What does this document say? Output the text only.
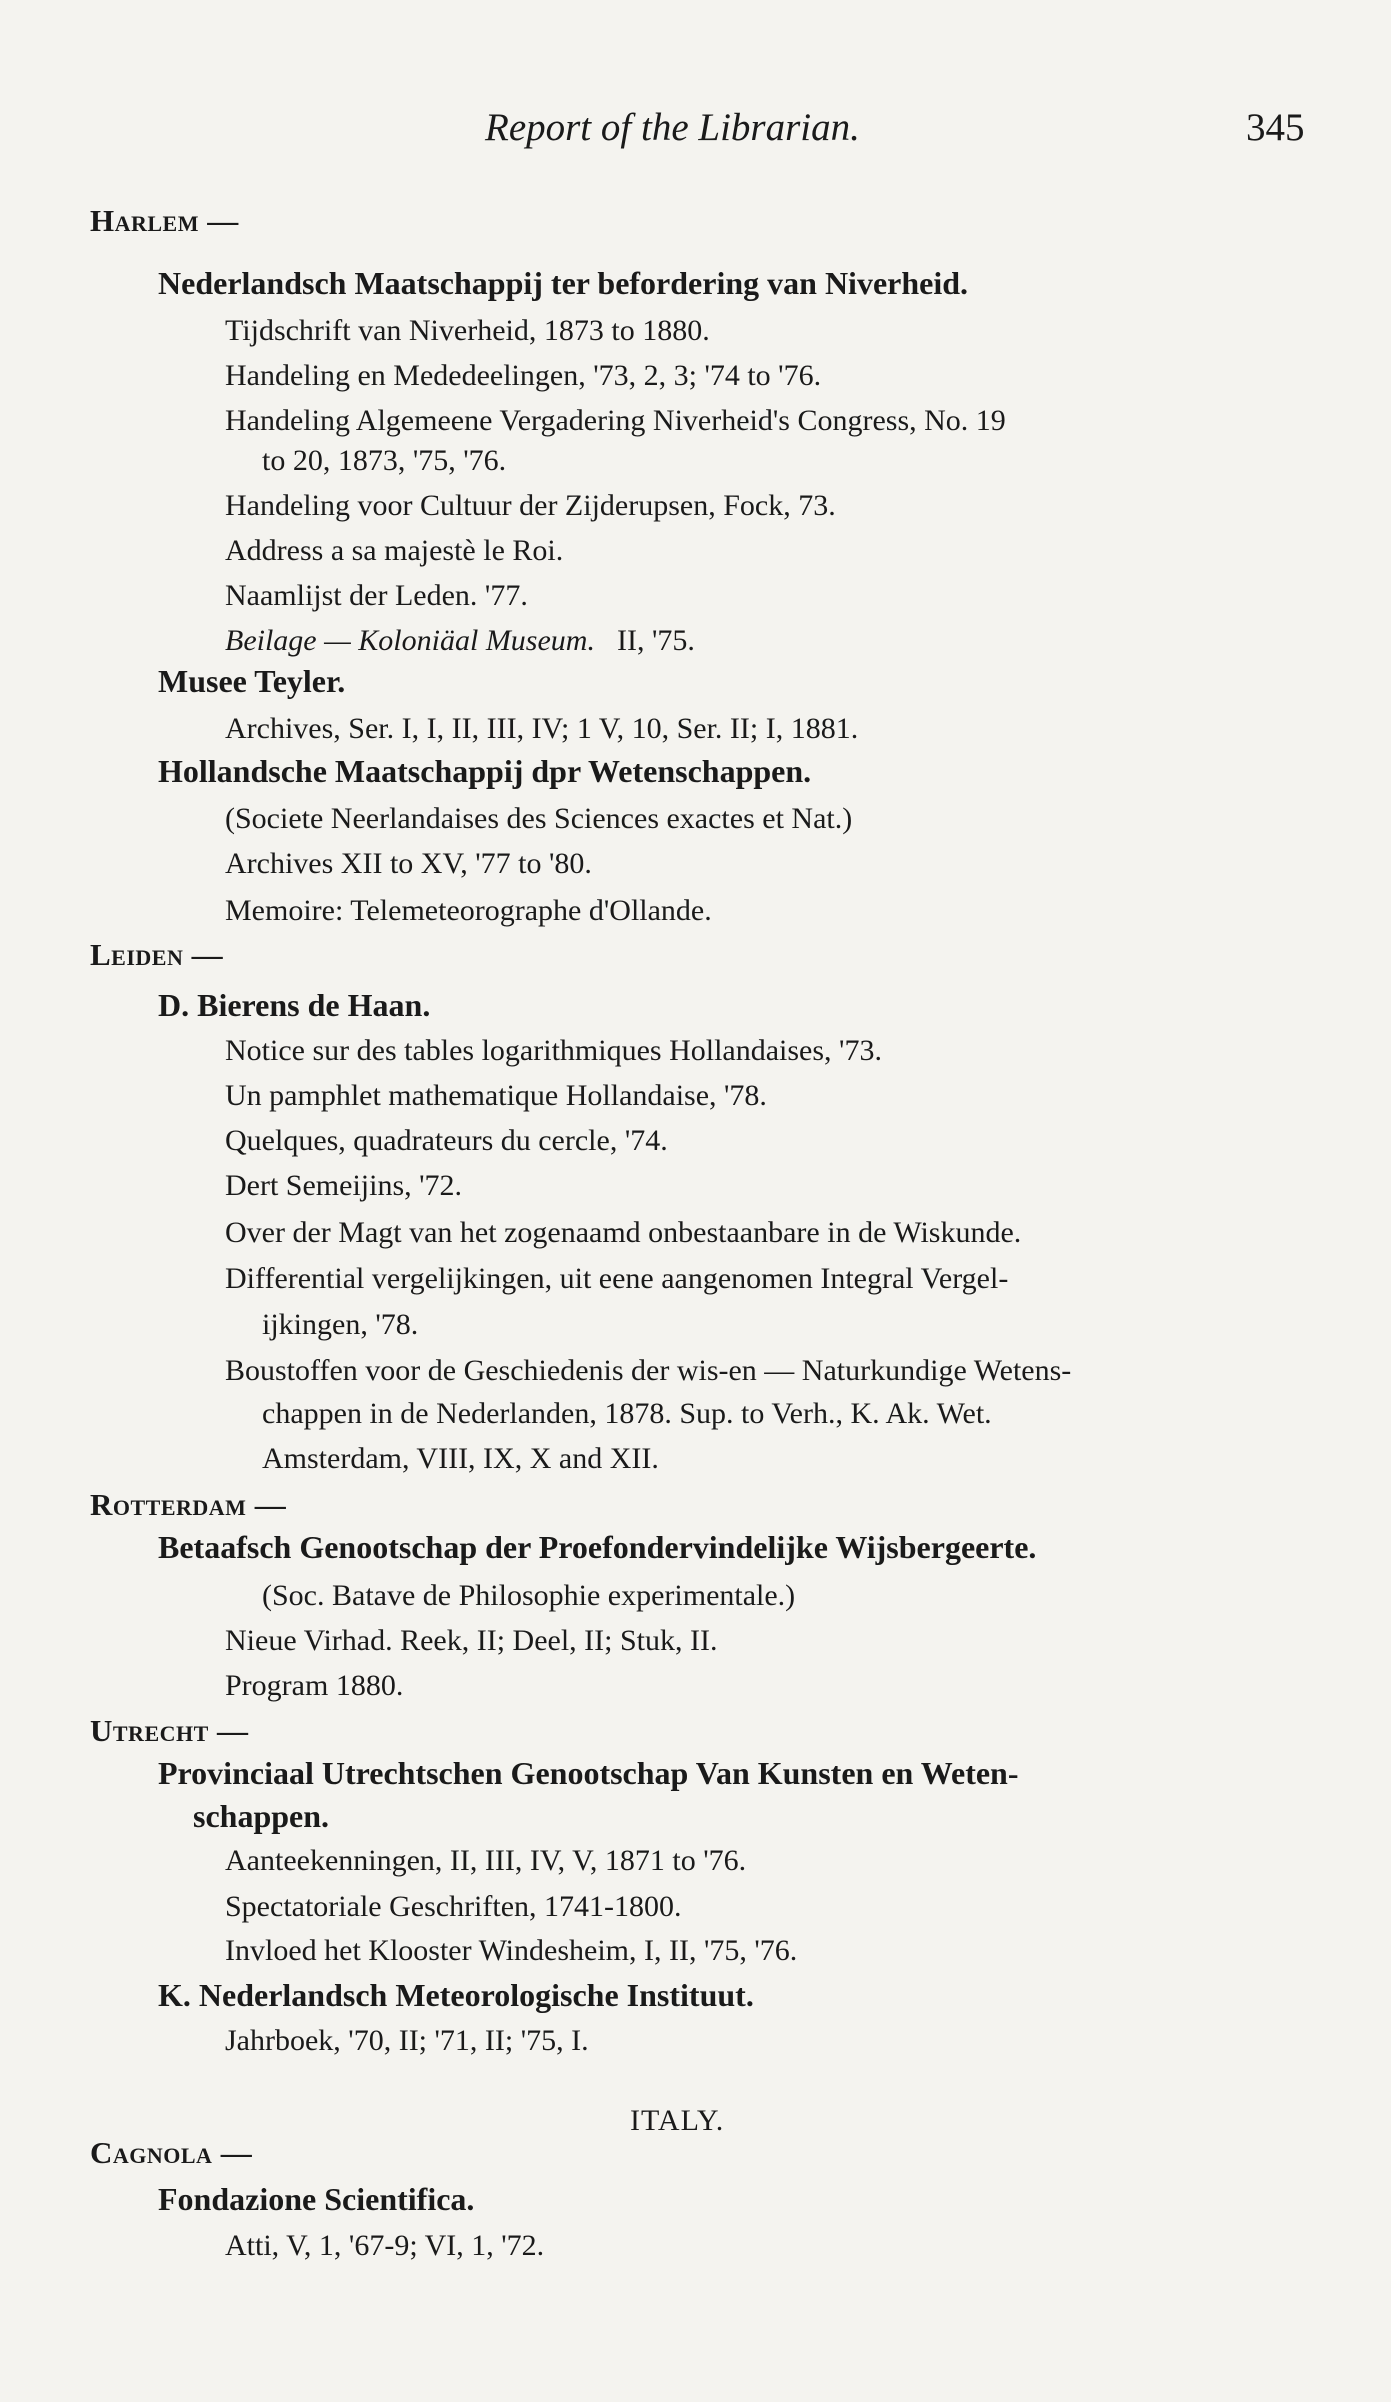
Report of the Librarian.	345
Harlem —
Nederlandsch Maatschappij ter befordering van Niverheid.
Tijdschrift van Niverheid, 1873 to 1880.
Handeling en Mededeelingen, '73, 2, 3; '74 to '76.
Handeling Algemeene Vergadering Niverheid's Congress, No. 19
to 20, 1873, '75, '76.
Handeling voor Cultuur der Zijderupsen, Fock, 73.
Address a sa majestè le Roi.
Naamlijst der Leden. '77.
Beilage — Koloniäal Museum. II, '75.
Musee Teyler.
Archives, Ser. I, I, II, III, IV; 1 V, 10, Ser. II; I, 1881.
Hollandsche Maatschappij dpr Wetenschappen.
(Societe Neerlandaises des Sciences exactes et Nat.)
Archives XII to XV, '77 to '80.
Memoire: Telemeteorographe d'Ollande.
Leiden —
D. Bierens de Haan.
Notice sur des tables logarithmiques Hollandaises, '73.
Un pamphlet mathematique Hollandaise, '78.
Quelques, quadrateurs du cercle, '74.
Dert Semeijins, '72.
Over der Magt van het zogenaamd onbestaanbare in de Wiskunde.
Differential vergelijkingen, uit eene aangenomen Integral Vergel-
ijkingen, '78.
Boustoffen voor de Geschiedenis der wis-en — Naturkundige Wetens-
chappen in de Nederlanden, 1878. Sup. to Verh., K. Ak. Wet.
Amsterdam, VIII, IX, X and XII.
Rotterdam —
Betaafsch Genootschap der Proefondervindelijke Wijsbergeerte.
(Soc. Batave de Philosophie experimentale.)
Nieue Virhad. Reek, II; Deel, II; Stuk, II.
Program 1880.
Utrecht —
Provinciaal Utrechtschen Genootschap Van Kunsten en Weten-
schappen.
Aanteekenningen, II, III, IV, V, 1871 to '76.
Spectatoriale Geschriften, 1741-1800.
Invloed het Klooster Windesheim, I, II, '75, '76.
K. Nederlandsch Meteorologische Instituut.
Jahrboek, '70, II; '71, II; '75, I.
ITALY.
Cagnola —
Fondazione Scientifica.
Atti, V, 1, '67-9; VI, 1, '72.
